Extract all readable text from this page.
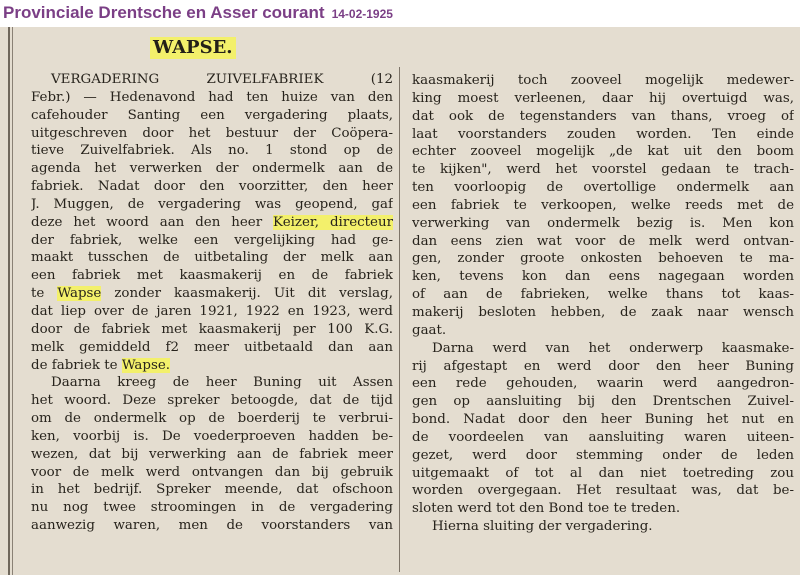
Provinciale Drentsche en Asser courant 14-02-1925
WAPSE.
VERGADERING ZUIVELFABRIEK (12
Febr.) — Hedenavond had ten huize van den
cafehouder Santing een vergadering plaats,
uitgeschreven door het bestuur der Coöpera-
tieve Zuivelfabriek. Als no. 1 stond op de
agenda het verwerken der ondermelk aan de
fabriek. Nadat door den voorzitter, den heer
J. Muggen, de vergadering was geopend, gaf
deze het woord aan den heer Keizer, directeur
der fabriek, welke een vergelijking had ge-
maakt tusschen de uitbetaling der melk aan
een fabriek met kaasmakerij en de fabriek
te Wapse zonder kaasmakerij. Uit dit verslag,
dat liep over de jaren 1921, 1922 en 1923, werd
door de fabriek met kaasmakerij per 100 K.G.
melk gemiddeld f2 meer uitbetaald dan aan
de fabriek te Wapse.
Daarna kreeg de heer Buning uit Assen
het woord. Deze spreker betoogde, dat de tijd
om de ondermelk op de boerderij te verbrui-
ken, voorbij is. De voederproeven hadden be-
wezen, dat bij verwerking aan de fabriek meer
voor de melk werd ontvangen dan bij gebruik
in het bedrijf. Spreker meende, dat ofschoon
nu nog twee stroomingen in de vergadering
aanwezig waren, men de voorstanders van
kaasmakerij toch zooveel mogelijk medewer-
king moest verleenen, daar hij overtuigd was,
dat ook de tegenstanders van thans, vroeg of
laat voorstanders zouden worden. Ten einde
echter zooveel mogelijk „de kat uit den boom
te kijken", werd het voorstel gedaan te trach-
ten voorloopig de overtollige ondermelk aan
een fabriek te verkoopen, welke reeds met de
verwerking van ondermelk bezig is. Men kon
dan eens zien wat voor de melk werd ontvan-
gen, zonder groote onkosten behoeven te ma-
ken, tevens kon dan eens nagegaan worden
of aan de fabrieken, welke thans tot kaas-
makerij besloten hebben, de zaak naar wensch
gaat.
Darna werd van het onderwerp kaasmake-
rij afgestapt en werd door den heer Buning
een rede gehouden, waarin werd aangedron-
gen op aansluiting bij den Drentschen Zuivel-
bond. Nadat door den heer Buning het nut en
de voordeelen van aansluiting waren uiteen-
gezet, werd door stemming onder de leden
uitgemaakt of tot al dan niet toetreding zou
worden overgegaan. Het resultaat was, dat be-
sloten werd tot den Bond toe te treden.
Hierna sluiting der vergadering.
